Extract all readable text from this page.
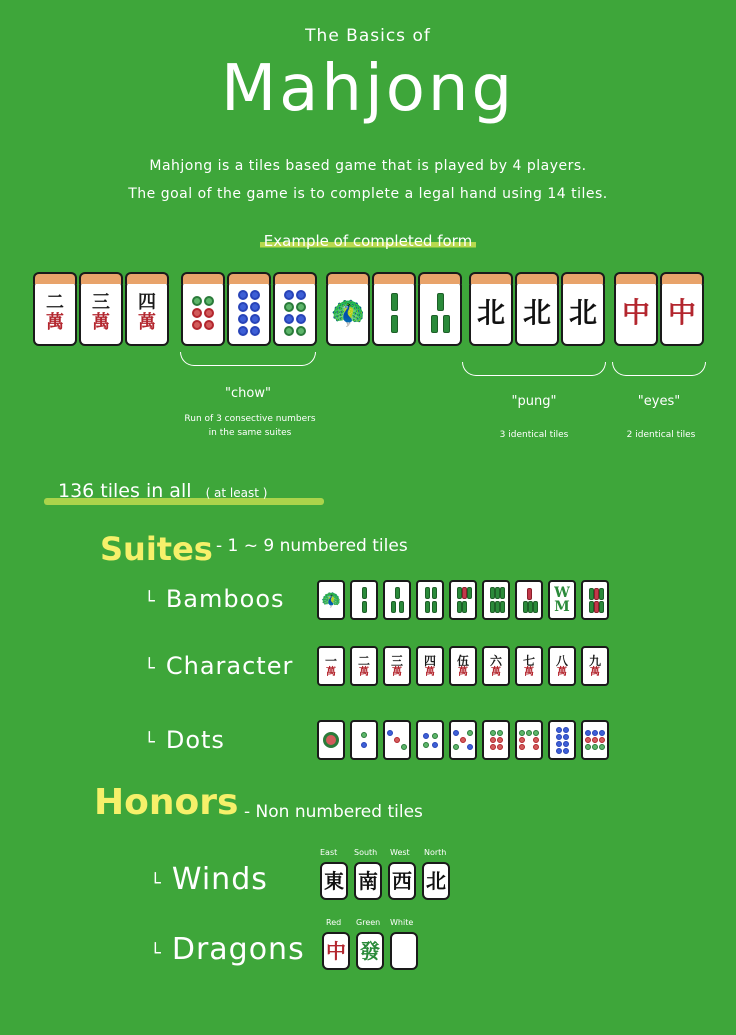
The Basics of
Mahjong
Mahjong is a tiles based game that is played by 4 players.
The goal of the game is to complete a legal hand using 14 tiles.
Example of completed form
二
萬
三
萬
四
萬	🦚	北 北 北 中 中
"chow"
Run of 3 consective numbers
in the same suites
"pung"
3 identical tiles
"eyes"
2 identical tiles
136 tiles in all ( at least )
Suites - 1 ~ 9 numbered tiles
└ Bamboos
└ Character
└ Dots
🦚	W
M
一
萬
二
萬
三
萬
四
萬
伍
萬
六
萬
七
萬
八
萬
九
萬
Honors - Non numbered tiles
└ Winds
└ Dragons
East South West North
Red Green White
東 南 西 北
中 發
